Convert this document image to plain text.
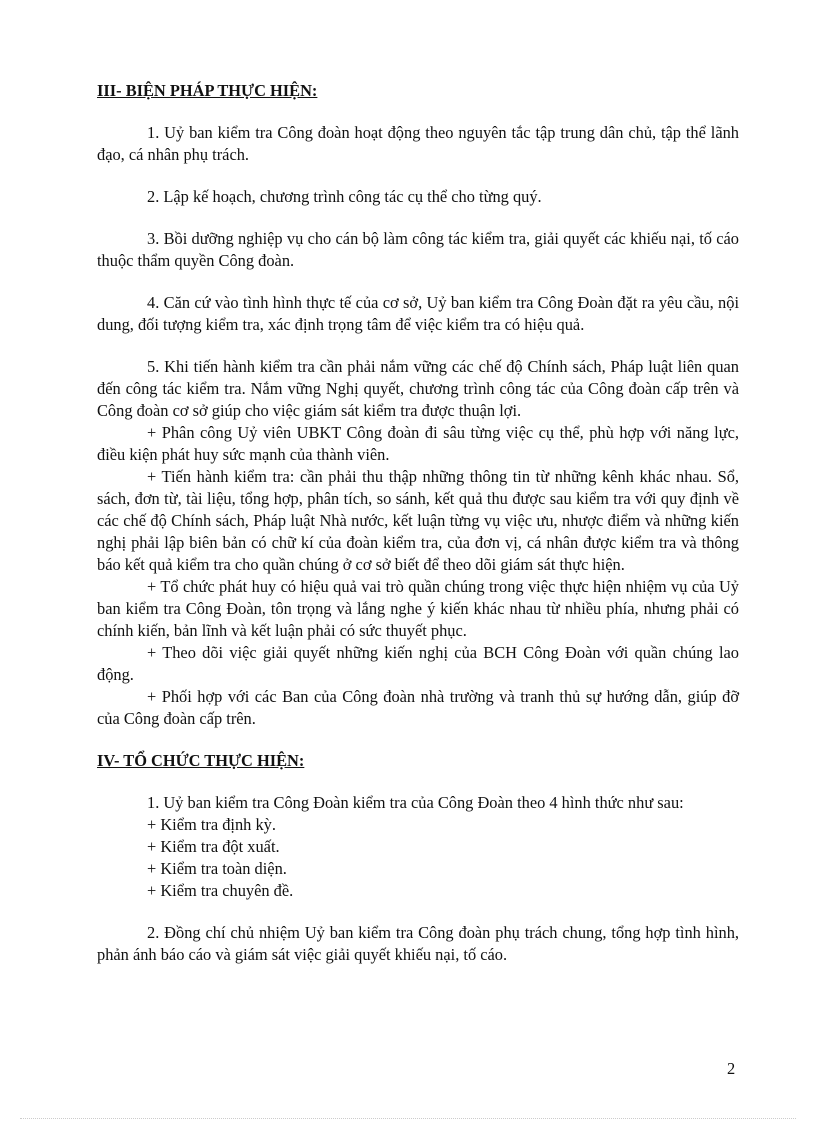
III- BIỆN PHÁP THỰC HIỆN:

1. Uỷ ban kiểm tra Công đoàn hoạt động theo nguyên tắc tập trung dân chủ, tập thể lãnh đạo, cá nhân phụ trách.

2. Lập kế hoạch, chương trình công tác cụ thể cho từng quý.

3. Bồi dưỡng nghiệp vụ cho cán bộ làm công tác kiểm tra, giải quyết các khiếu nại, tố cáo thuộc thẩm quyền Công đoàn.

4. Căn cứ vào tình hình thực tế của cơ sở, Uỷ ban kiểm tra Công Đoàn đặt ra yêu cầu, nội dung, đối tượng kiểm tra, xác định trọng tâm để việc kiểm tra có hiệu quả.

5. Khi tiến hành kiểm tra cần phải nắm vững các chế độ Chính sách, Pháp luật liên quan đến công tác kiểm tra. Nắm vững Nghị quyết, chương trình công tác của Công đoàn cấp trên và Công đoàn cơ sở giúp cho việc giám sát kiểm tra được thuận lợi.

+ Phân công Uỷ viên UBKT Công đoàn đi sâu từng việc cụ thể, phù hợp với năng lực, điều kiện phát huy sức mạnh của thành viên.

+ Tiến hành kiểm tra: cần phải thu thập những thông tin từ những kênh khác nhau. Sổ, sách, đơn từ, tài liệu, tổng hợp, phân tích, so sánh, kết quả thu được sau kiểm tra với quy định về các chế độ Chính sách, Pháp luật Nhà nước, kết luận từng vụ việc ưu, nhược điểm và những kiến nghị phải lập biên bản có chữ kí của đoàn kiểm tra, của đơn vị, cá nhân được kiểm tra và thông báo kết quả kiểm tra cho quần chúng ở cơ sở biết để theo dõi giám sát thực hiện.

+ Tổ chức phát huy có hiệu quả vai trò quần chúng trong việc thực hiện nhiệm vụ của Uỷ ban kiểm tra Công Đoàn, tôn trọng và lắng nghe ý kiến khác nhau từ nhiều phía, nhưng phải có chính kiến, bản lĩnh và kết luận phải có sức thuyết phục.

+ Theo dõi việc giải quyết những kiến nghị của BCH Công Đoàn với quần chúng lao động.

+ Phối hợp với các Ban của Công đoàn nhà trường và tranh thủ sự hướng dẫn, giúp đỡ của Công đoàn cấp trên.

IV- TỔ CHỨC THỰC HIỆN:

1. Uỷ ban kiểm tra Công Đoàn kiểm tra của Công Đoàn theo 4 hình thức như sau:

+ Kiểm tra định kỳ.

+ Kiểm tra đột xuất.

+ Kiểm tra toàn diện.

+ Kiểm tra chuyên đề.

2. Đồng chí chủ nhiệm Uỷ ban kiểm tra Công đoàn phụ trách chung, tổng hợp tình hình, phản ánh báo cáo và giám sát việc giải quyết khiếu nại, tố cáo.

2
